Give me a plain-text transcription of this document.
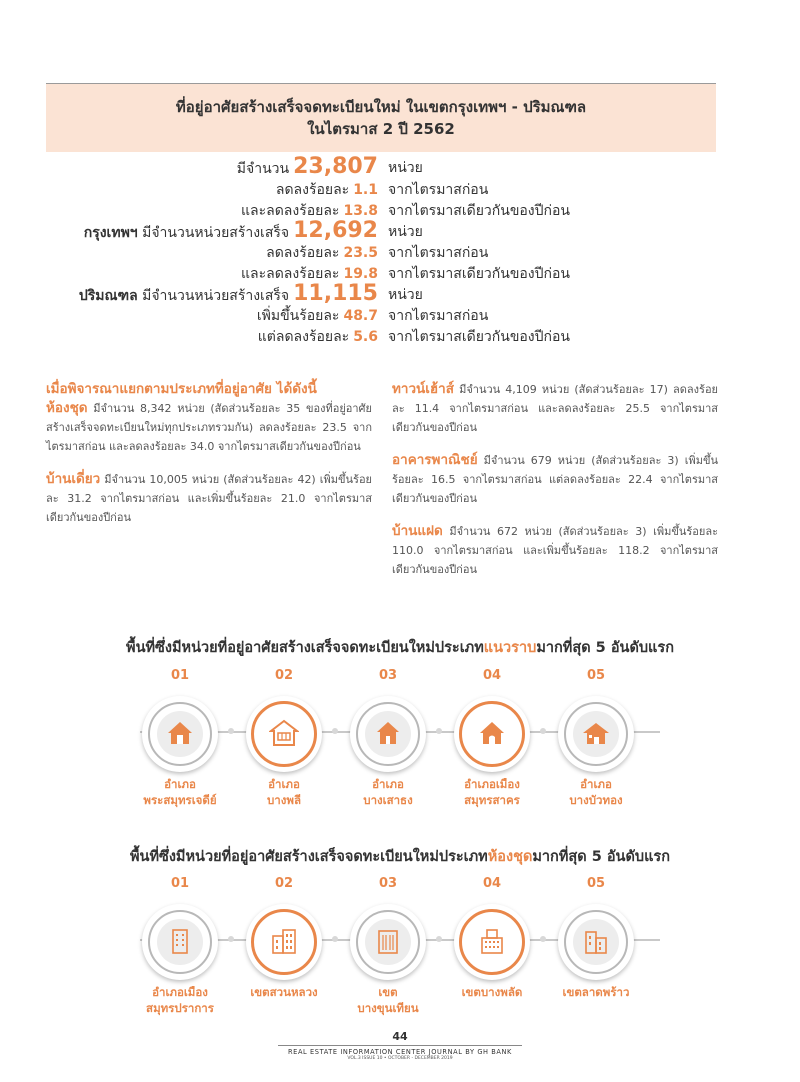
ที่อยู่อาศัยสร้างเสร็จจดทะเบียนใหม่ ในเขตกรุงเทพฯ - ปริมณฑล
ในไตรมาส 2 ปี 2562
มีจำนวน 23,807 หน่วย
ลดลงร้อยละ 1.1 จากไตรมาสก่อน
และลดลงร้อยละ 13.8 จากไตรมาสเดียวกันของปีก่อน
กรุงเทพฯ มีจำนวนหน่วยสร้างเสร็จ 12,692 หน่วย
ลดลงร้อยละ 23.5 จากไตรมาสก่อน
และลดลงร้อยละ 19.8 จากไตรมาสเดียวกันของปีก่อน
ปริมณฑล มีจำนวนหน่วยสร้างเสร็จ 11,115 หน่วย
เพิ่มขึ้นร้อยละ 48.7 จากไตรมาสก่อน
แต่ลดลงร้อยละ 5.6 จากไตรมาสเดียวกันของปีก่อน
เมื่อพิจารณาแยกตามประเภทที่อยู่อาศัย ได้ดังนี้

ห้องชุด มีจำนวน 8,342 หน่วย (สัดส่วนร้อยละ 35 ของที่อยู่อาศัยสร้างเสร็จจดทะเบียนใหม่ทุกประเภทรวมกัน) ลดลงร้อยละ 23.5 จากไตรมาสก่อน และลดลงร้อยละ 34.0 จากไตรมาสเดียวกันของปีก่อน

บ้านเดี่ยว มีจำนวน 10,005 หน่วย (สัดส่วนร้อยละ 42) เพิ่มขึ้นร้อยละ 31.2 จากไตรมาสก่อน และเพิ่มขึ้นร้อยละ 21.0 จากไตรมาสเดียวกันของปีก่อน

ทาวน์เฮ้าส์ มีจำนวน 4,109 หน่วย (สัดส่วนร้อยละ 17) ลดลงร้อยละ 11.4 จากไตรมาสก่อน และลดลงร้อยละ 25.5 จากไตรมาสเดียวกันของปีก่อน

อาคารพาณิชย์ มีจำนวน 679 หน่วย (สัดส่วนร้อยละ 3) เพิ่มขึ้นร้อยละ 16.5 จากไตรมาสก่อน แต่ลดลงร้อยละ 22.4 จากไตรมาสเดียวกันของปีก่อน

บ้านแฝด มีจำนวน 672 หน่วย (สัดส่วนร้อยละ 3) เพิ่มขึ้นร้อยละ 110.0 จากไตรมาสก่อน และเพิ่มขึ้นร้อยละ 118.2 จากไตรมาสเดียวกันของปีก่อน

พื้นที่ซึ่งมีหน่วยที่อยู่อาศัยสร้างเสร็จจดทะเบียนใหม่ประเภทแนวราบมากที่สุด 5 อันดับแรก
01
อำเภอ
พระสมุทรเจดีย์
02
อำเภอ
บางพลี
03
อำเภอ
บางเสาธง
04
อำเภอเมือง
สมุทรสาคร
05
อำเภอ
บางบัวทอง
พื้นที่ซึ่งมีหน่วยที่อยู่อาศัยสร้างเสร็จจดทะเบียนใหม่ประเภทห้องชุดมากที่สุด 5 อันดับแรก
01
อำเภอเมือง
สมุทรปราการ
02
เขตสวนหลวง
03
เขตบางขุนเทียน
04
เขตบางพลัด
05
เขตลาดพร้าว
44
REAL ESTATE INFORMATION CENTER JOURNAL BY GH BANK
VOL.3 ISSUE 10 • OCTOBER - DECEMBER 2019
